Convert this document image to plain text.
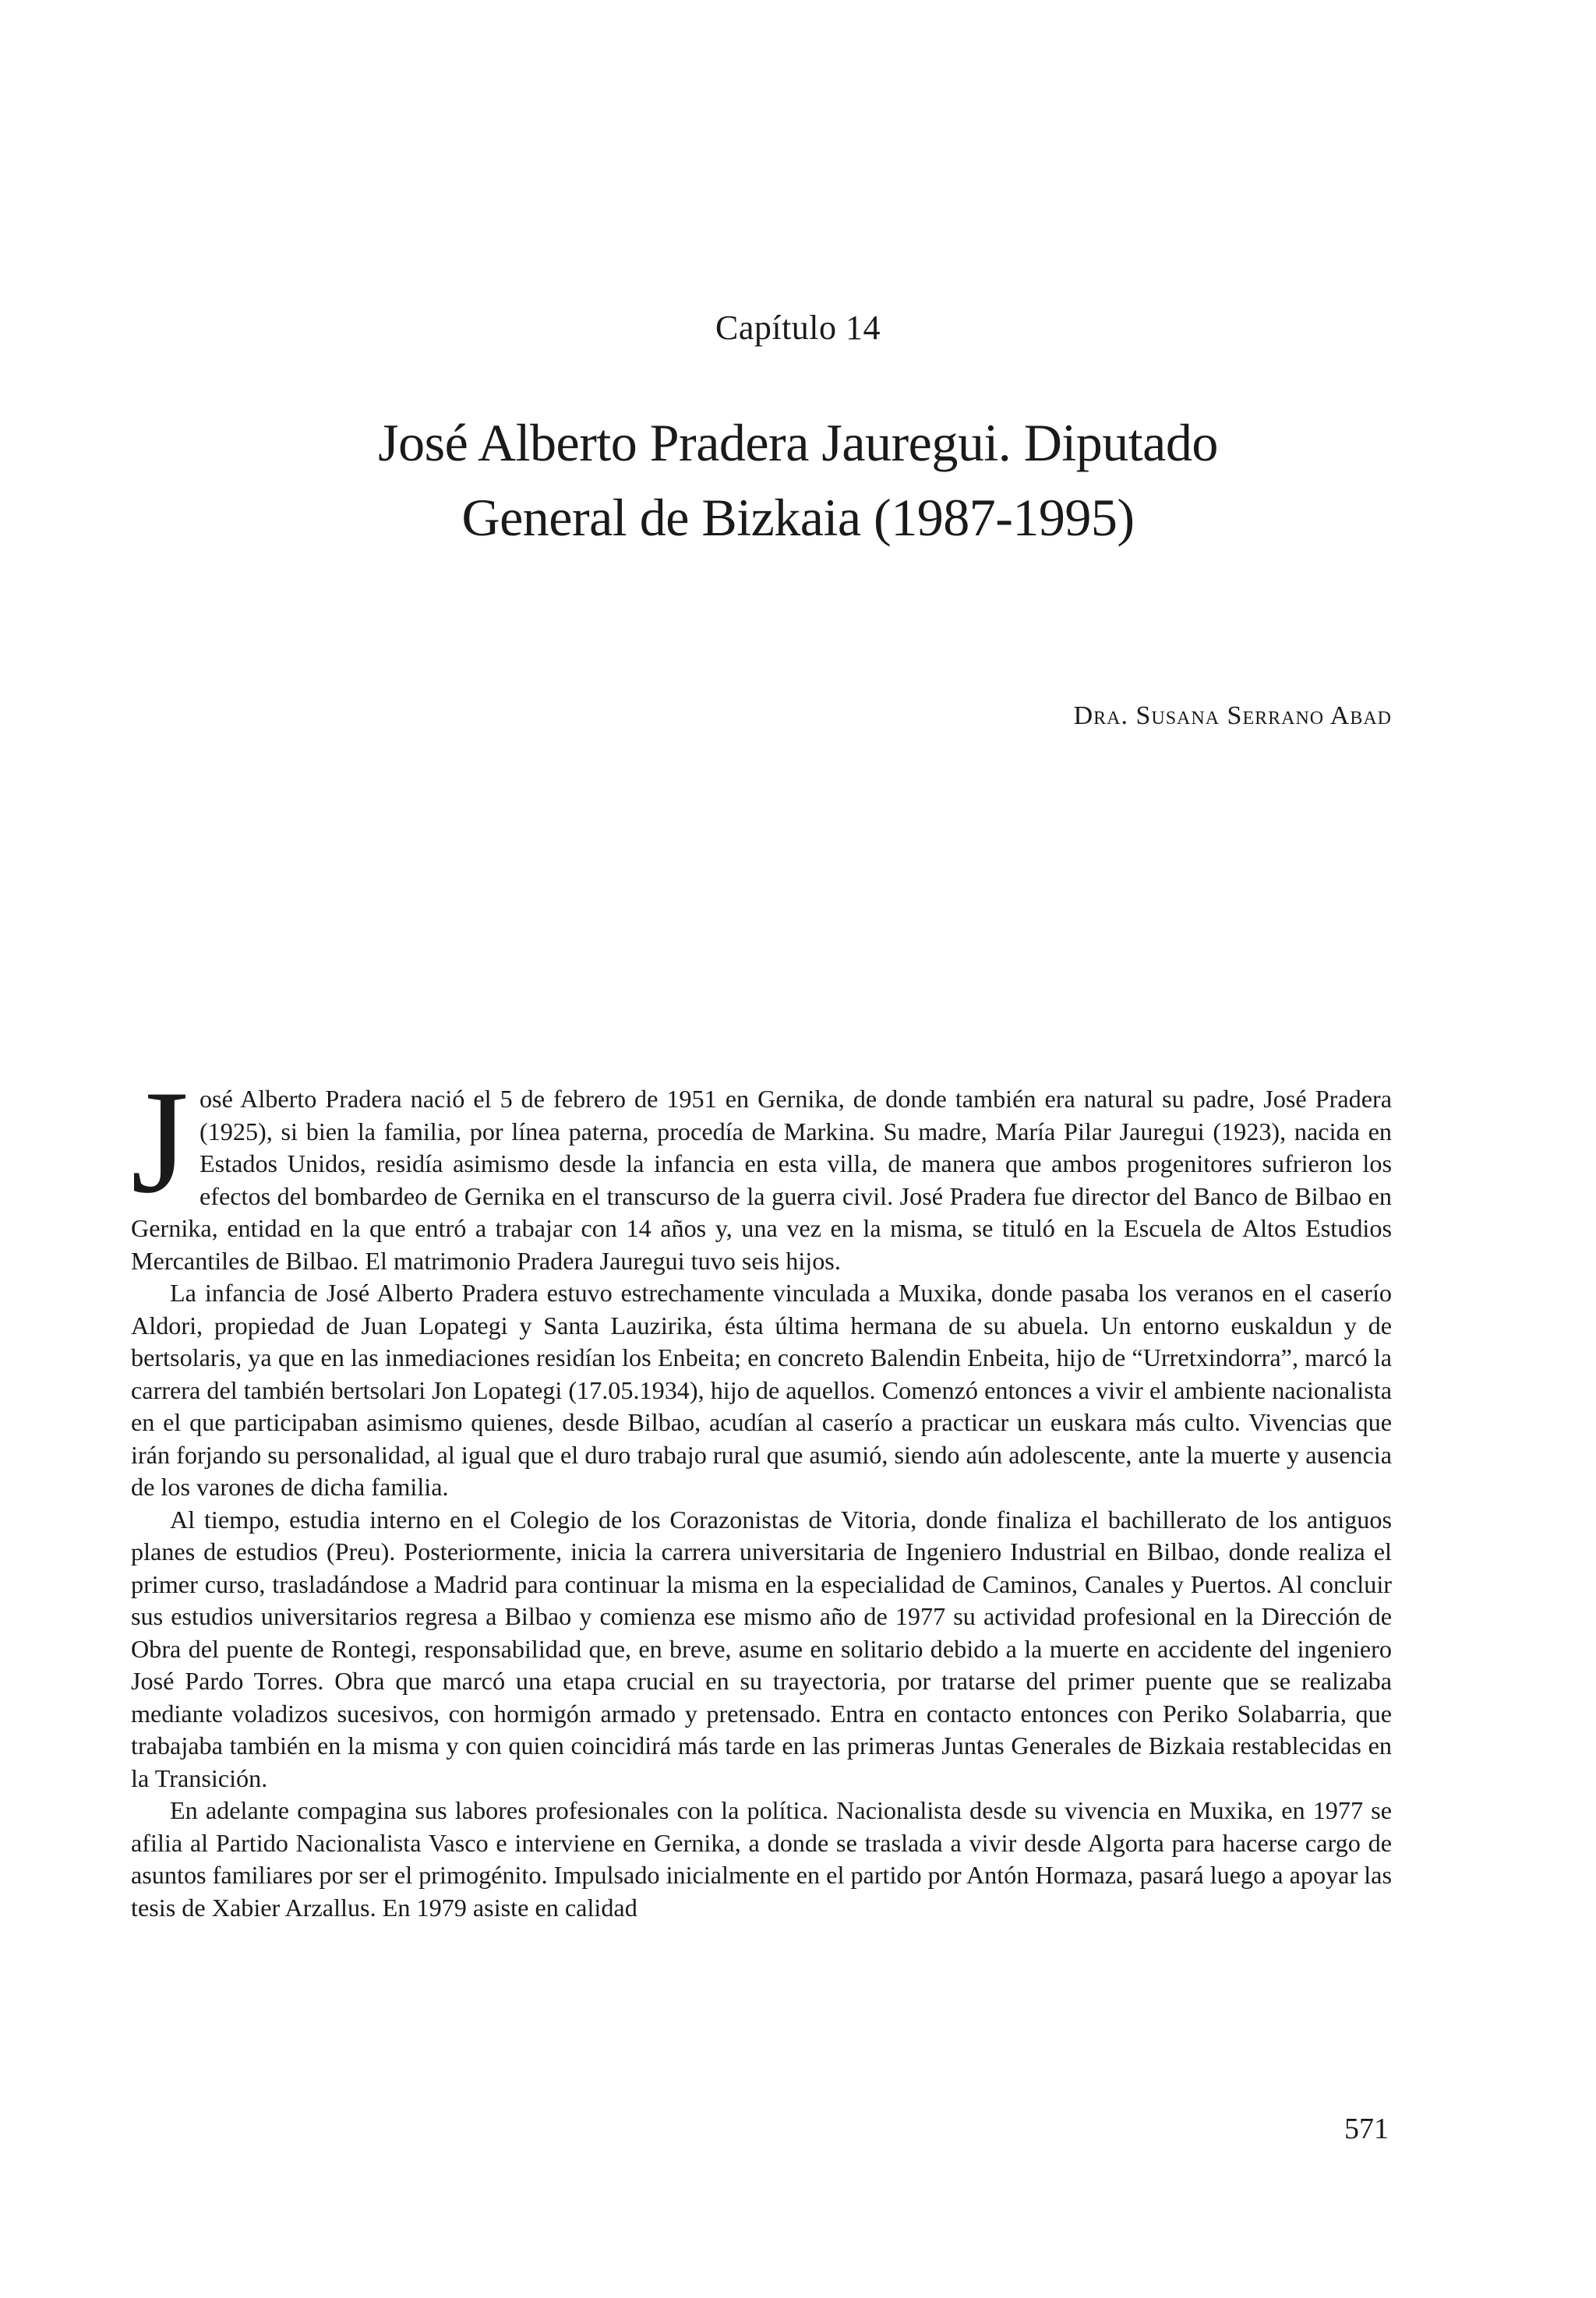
Capítulo 14
José Alberto Pradera Jauregui. Diputado
General de Bizkaia (1987-1995)
Dra. Susana Serrano Abad

José Alberto Pradera nació el 5 de febrero de 1951 en Gernika, de donde también era natural su padre, José Pradera (1925), si bien la familia, por línea paterna, procedía de Markina. Su madre, María Pilar Jauregui (1923), nacida en Estados Unidos, residía asimismo desde la infancia en esta villa, de manera que ambos progenitores sufrieron los efectos del bombardeo de Gernika en el transcurso de la guerra civil. José Pradera fue director del Banco de Bilbao en Gernika, entidad en la que entró a trabajar con 14 años y, una vez en la misma, se tituló en la Escuela de Altos Estudios Mercantiles de Bilbao. El matrimonio Pradera Jauregui tuvo seis hijos.

La infancia de José Alberto Pradera estuvo estrechamente vinculada a Muxika, donde pasaba los veranos en el caserío Aldori, propiedad de Juan Lopategi y Santa Lauzirika, ésta última hermana de su abuela. Un entorno euskaldun y de bertsolaris, ya que en las inmediaciones residían los Enbeita; en concreto Balendin Enbeita, hijo de “Urretxindorra”, marcó la carrera del también bertsolari Jon Lopategi (17.05.1934), hijo de aquellos. Comenzó entonces a vivir el ambiente nacionalista en el que participaban asimismo quienes, desde Bilbao, acudían al caserío a practicar un euskara más culto. Vivencias que irán forjando su personalidad, al igual que el duro trabajo rural que asumió, siendo aún adolescente, ante la muerte y ausencia de los varones de dicha familia.

Al tiempo, estudia interno en el Colegio de los Corazonistas de Vitoria, donde finaliza el bachillerato de los antiguos planes de estudios (Preu). Posteriormente, inicia la carrera universitaria de Ingeniero Industrial en Bilbao, donde realiza el primer curso, trasladándose a Madrid para continuar la misma en la especialidad de Caminos, Canales y Puertos. Al concluir sus estudios universitarios regresa a Bilbao y comienza ese mismo año de 1977 su actividad profesional en la Dirección de Obra del puente de Rontegi, responsabilidad que, en breve, asume en solitario debido a la muerte en accidente del ingeniero José Pardo Torres. Obra que marcó una etapa crucial en su trayectoria, por tratarse del primer puente que se realizaba mediante voladizos sucesivos, con hormigón armado y pretensado. Entra en contacto entonces con Periko Solabarria, que trabajaba también en la misma y con quien coincidirá más tarde en las primeras Juntas Generales de Bizkaia restablecidas en la Transición.

En adelante compagina sus labores profesionales con la política. Nacionalista desde su vivencia en Muxika, en 1977 se afilia al Partido Nacionalista Vasco e interviene en Gernika, a donde se traslada a vivir desde Algorta para hacerse cargo de asuntos familiares por ser el primogénito. Impulsado inicialmente en el partido por Antón Hormaza, pasará luego a apoyar las tesis de Xabier Arzallus. En 1979 asiste en calidad

571
